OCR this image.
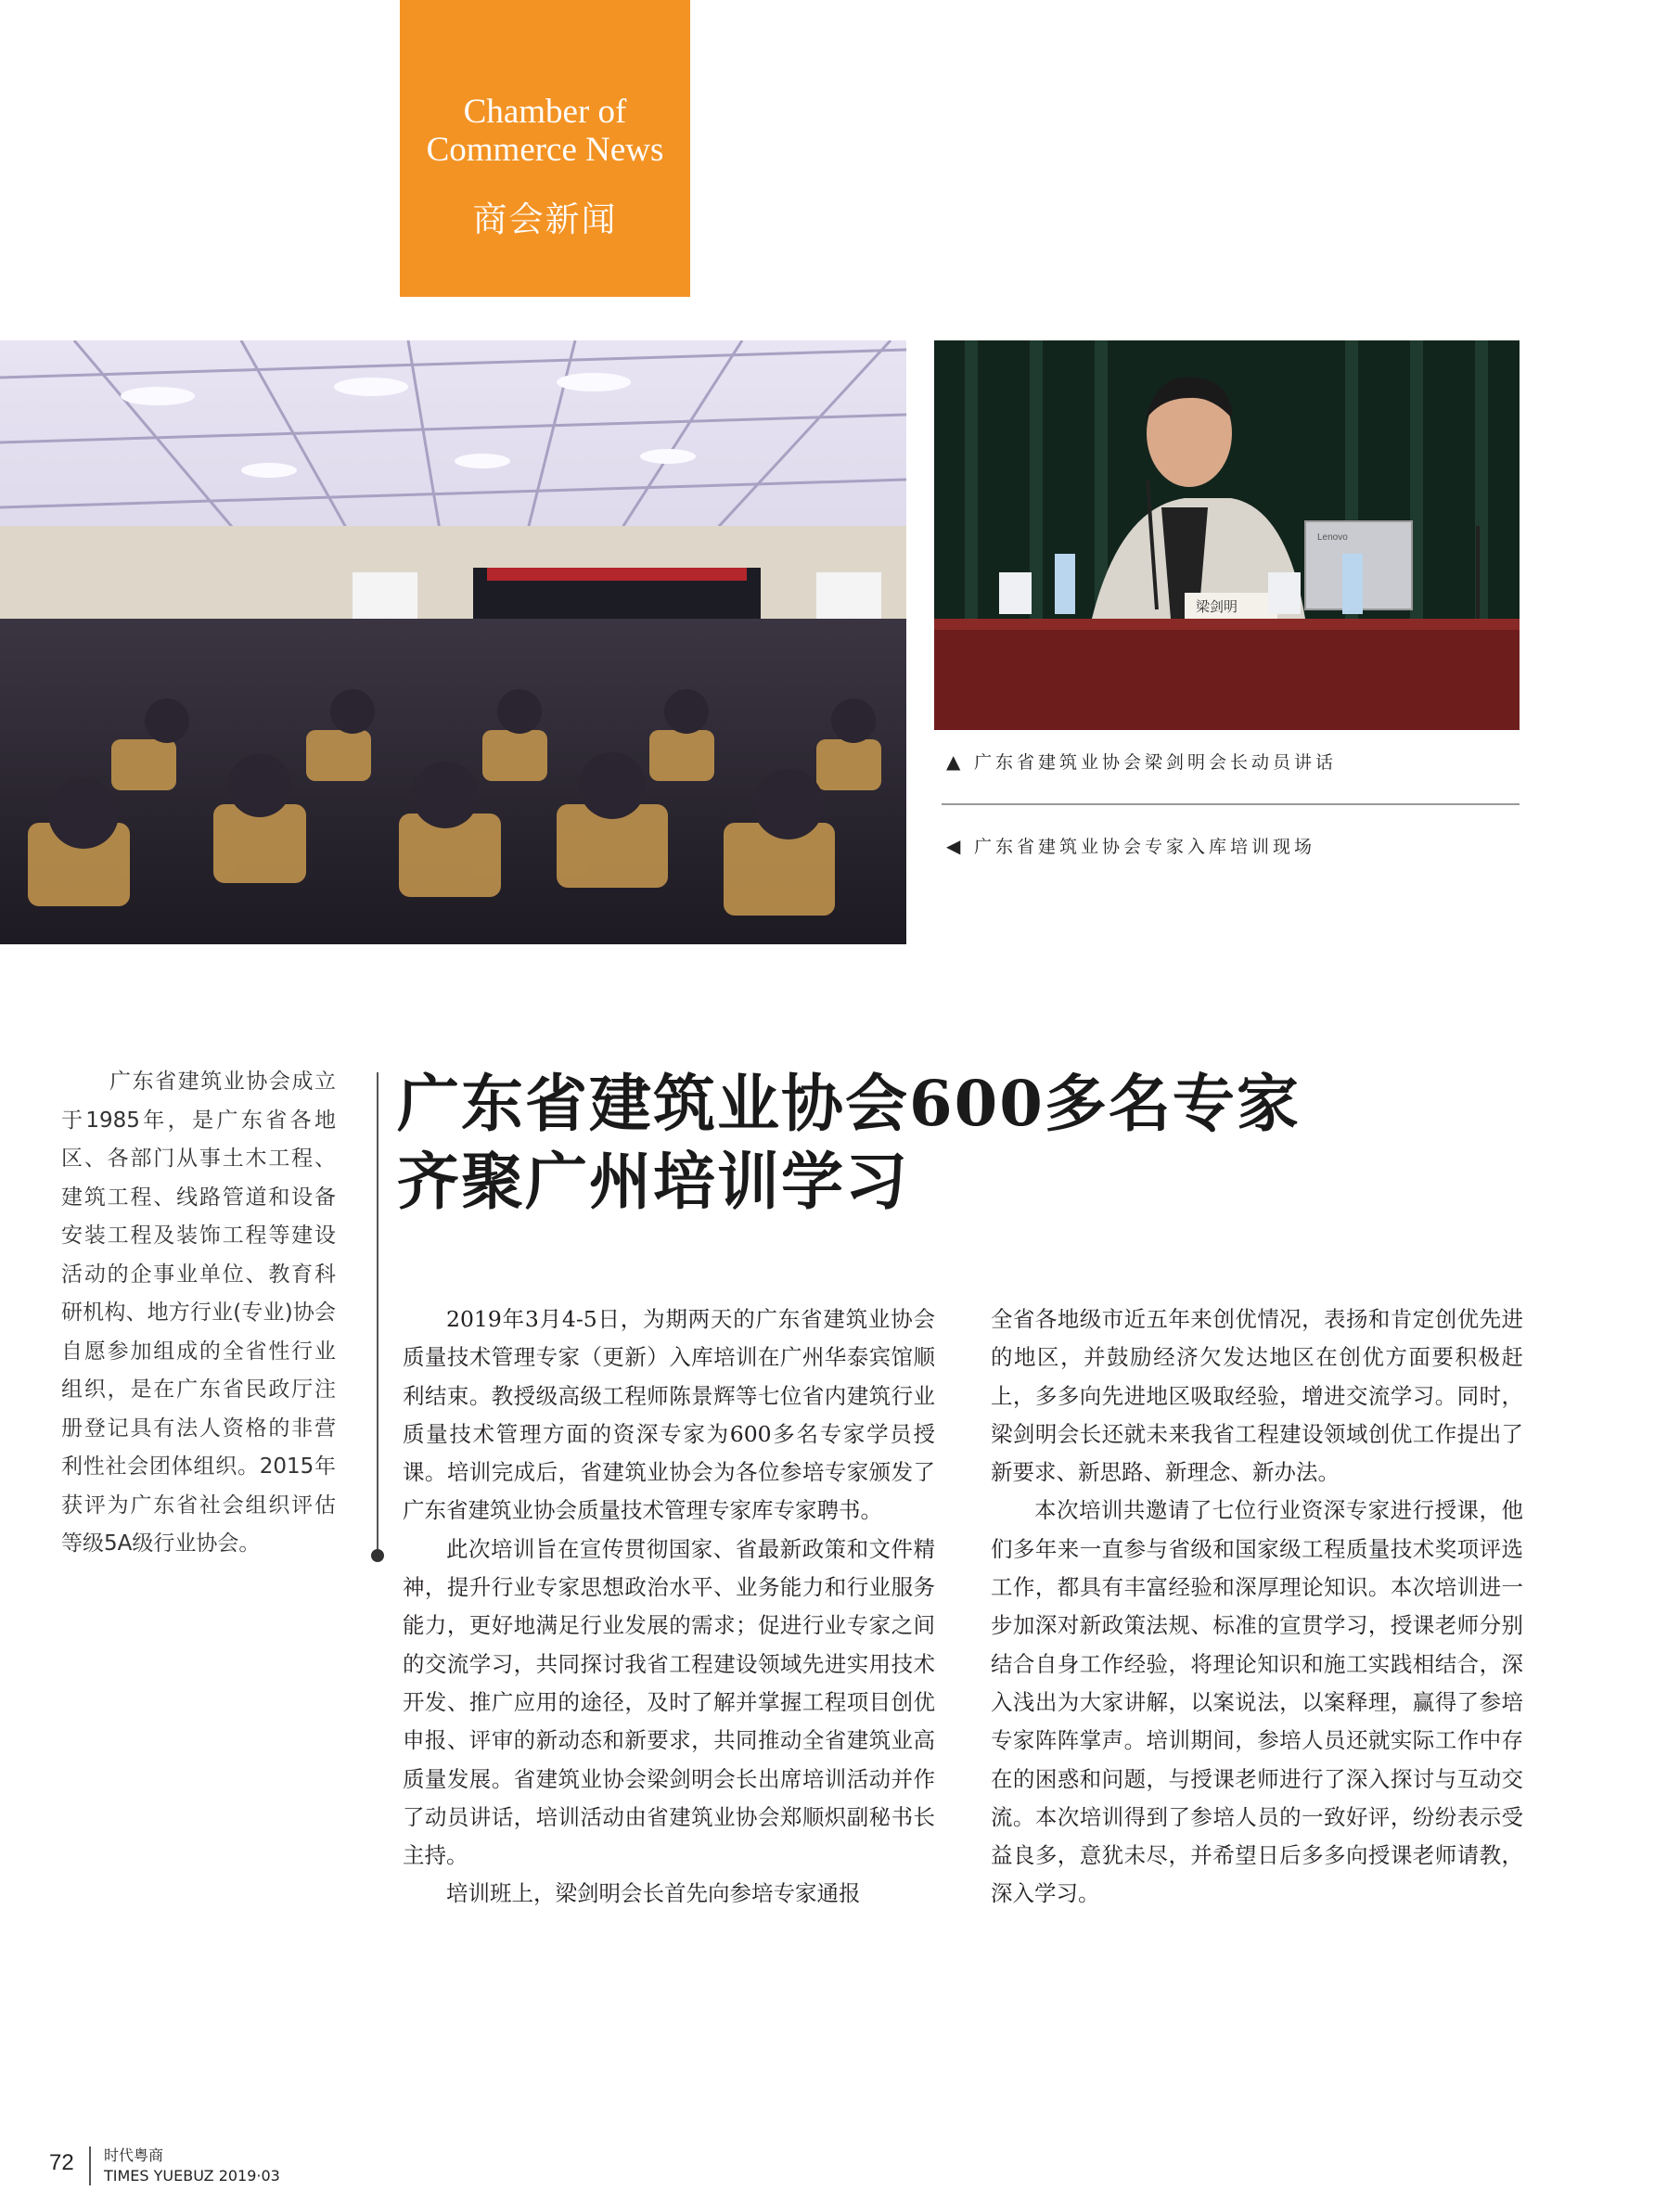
Chamber of
Commerce News
商会新闻
Lenovo
梁剑明
▲ 广东省建筑业协会梁剑明会长动员讲话
◀ 广东省建筑业协会专家入库培训现场
广东省建筑业协会成立于1985年，是广东省各地区、各部门从事土木工程、建筑工程、线路管道和设备安装工程及装饰工程等建设活动的企事业单位、教育科研机构、地方行业(专业)协会自愿参加组成的全省性行业组织，是在广东省民政厅注册登记具有法人资格的非营利性社会团体组织。2015年获评为广东省社会组织评估等级5A级行业协会。
广东省建筑业协会600多名专家
齐聚广州培训学习

2019年3月4-5日，为期两天的广东省建筑业协会质量技术管理专家（更新）入库培训在广州华泰宾馆顺利结束。教授级高级工程师陈景辉等七位省内建筑行业质量技术管理方面的资深专家为600多名专家学员授课。培训完成后，省建筑业协会为各位参培专家颁发了广东省建筑业协会质量技术管理专家库专家聘书。

此次培训旨在宣传贯彻国家、省最新政策和文件精神，提升行业专家思想政治水平、业务能力和行业服务能力，更好地满足行业发展的需求；促进行业专家之间的交流学习，共同探讨我省工程建设领域先进实用技术开发、推广应用的途径，及时了解并掌握工程项目创优申报、评审的新动态和新要求，共同推动全省建筑业高质量发展。省建筑业协会梁剑明会长出席培训活动并作了动员讲话，培训活动由省建筑业协会郑顺炽副秘书长主持。

培训班上，梁剑明会长首先向参培专家通报

全省各地级市近五年来创优情况，表扬和肯定创优先进的地区，并鼓励经济欠发达地区在创优方面要积极赶上，多多向先进地区吸取经验，增进交流学习。同时，梁剑明会长还就未来我省工程建设领域创优工作提出了新要求、新思路、新理念、新办法。

本次培训共邀请了七位行业资深专家进行授课，他们多年来一直参与省级和国家级工程质量技术奖项评选工作，都具有丰富经验和深厚理论知识。本次培训进一步加深对新政策法规、标准的宣贯学习，授课老师分别结合自身工作经验，将理论知识和施工实践相结合，深入浅出为大家讲解，以案说法，以案释理，赢得了参培专家阵阵掌声。培训期间，参培人员还就实际工作中存在的困惑和问题，与授课老师进行了深入探讨与互动交流。本次培训得到了参培人员的一致好评，纷纷表示受益良多，意犹未尽，并希望日后多多向授课老师请教，深入学习。

72 时代粤商
TIMES YUEBUZ 2019·03
